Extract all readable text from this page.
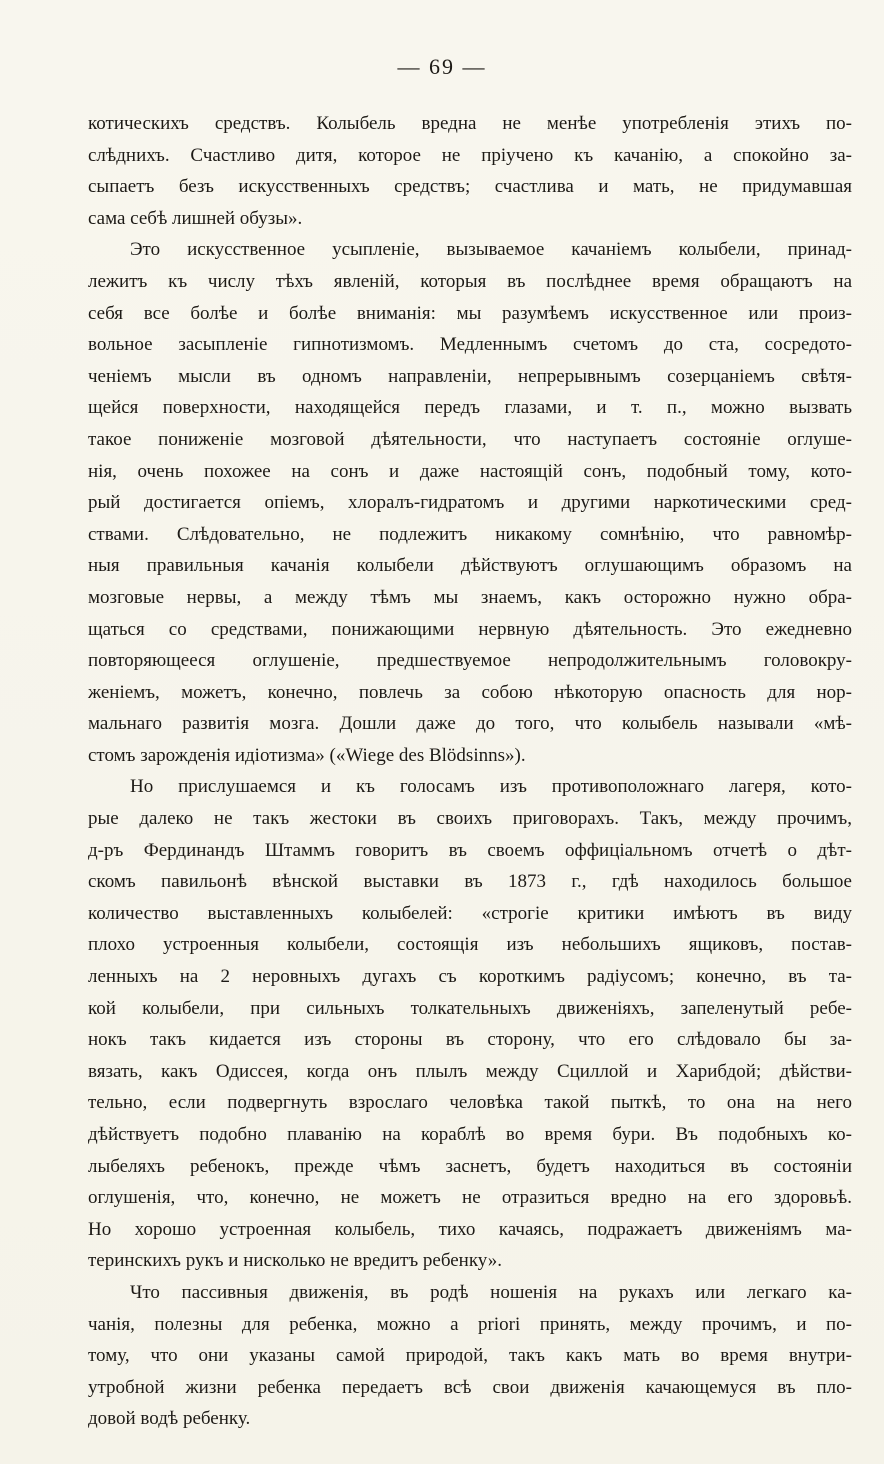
— 69 —
котическихъ средствъ. Колыбель вредна не менѣе употребленія этихъ по-
слѣднихъ. Счастливо дитя, которое не пріучено къ качанію, а спокойно за-
сыпаетъ безъ искусственныхъ средствъ; счастлива и мать, не придумавшая
сама себѣ лишней обузы».
Это искусственное усыпленіе, вызываемое качаніемъ колыбели, принад-
лежитъ къ числу тѣхъ явленій, которыя въ послѣднее время обращаютъ на
себя все болѣе и болѣе вниманія: мы разумѣемъ искусственное или произ-
вольное засыпленіе гипнотизмомъ. Медленнымъ счетомъ до ста, сосредото-
ченіемъ мысли въ одномъ направленіи, непрерывнымъ созерцаніемъ свѣтя-
щейся поверхности, находящейся передъ глазами, и т. п., можно вызвать
такое пониженіе мозговой дѣятельности, что наступаетъ состояніе оглуше-
нія, очень похожее на сонъ и даже настоящій сонъ, подобный тому, кото-
рый достигается опіемъ, хлоралъ-гидратомъ и другими наркотическими сред-
ствами. Слѣдовательно, не подлежитъ никакому сомнѣнію, что равномѣр-
ныя правильныя качанія колыбели дѣйствуютъ оглушающимъ образомъ на
мозговые нервы, а между тѣмъ мы знаемъ, какъ осторожно нужно обра-
щаться со средствами, понижающими нервную дѣятельность. Это ежедневно
повторяющееся оглушеніе, предшествуемое непродолжительнымъ головокру-
женіемъ, можетъ, конечно, повлечь за собою нѣкоторую опасность для нор-
мальнаго развитія мозга. Дошли даже до того, что колыбель называли «мѣ-
стомъ зарожденія идіотизма» («Wiege des Blödsinns»).
Но прислушаемся и къ голосамъ изъ противоположнаго лагеря, кото-
рые далеко не такъ жестоки въ своихъ приговорахъ. Такъ, между прочимъ,
д-ръ Фердинандъ Штаммъ говоритъ въ своемъ оффиціальномъ отчетѣ о дѣт-
скомъ павильонѣ вѣнской выставки въ 1873 г., гдѣ находилось большое
количество выставленныхъ колыбелей: «строгіе критики имѣютъ въ виду
плохо устроенныя колыбели, состоящія изъ небольшихъ ящиковъ, постав-
ленныхъ на 2 неровныхъ дугахъ съ короткимъ радіусомъ; конечно, въ та-
кой колыбели, при сильныхъ толкательныхъ движеніяхъ, запеленутый ребе-
нокъ такъ кидается изъ стороны въ сторону, что его слѣдовало бы за-
вязать, какъ Одиссея, когда онъ плылъ между Сциллой и Харибдой; дѣйстви-
тельно, если подвергнуть взрослаго человѣка такой пыткѣ, то она на него
дѣйствуетъ подобно плаванію на кораблѣ во время бури. Въ подобныхъ ко-
лыбеляхъ ребенокъ, прежде чѣмъ заснетъ, будетъ находиться въ состояніи
оглушенія, что, конечно, не можетъ не отразиться вредно на его здоровьѣ.
Но хорошо устроенная колыбель, тихо качаясь, подражаетъ движеніямъ ма-
теринскихъ рукъ и нисколько не вредитъ ребенку».
Что пассивныя движенія, въ родѣ ношенія на рукахъ или легкаго ка-
чанія, полезны для ребенка, можно a priori принять, между прочимъ, и по-
тому, что они указаны самой природой, такъ какъ мать во время внутри-
утробной жизни ребенка передаетъ всѣ свои движенія качающемуся въ пло-
довой водѣ ребенку.
